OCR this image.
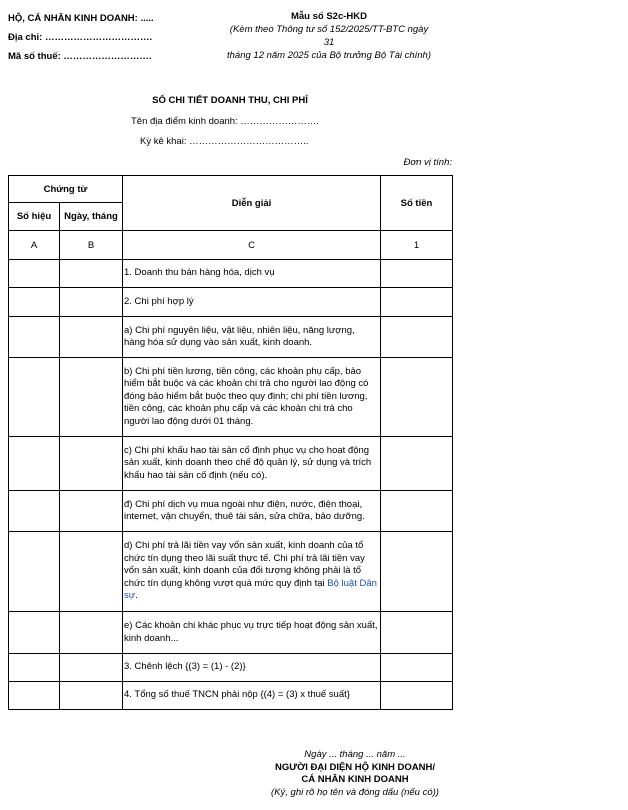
HỘ, CÁ NHÂN KINH DOANH: .....
Địa chỉ: …………………………….
Mã số thuế: ……………………….
Mẫu số S2c-HKD
(Kèm theo Thông tư số 152/2025/TT-BTC ngày 31
tháng 12 năm 2025 của Bộ trưởng Bộ Tài chính)
SỔ CHI TIẾT DOANH THU, CHI PHÍ
Tên địa điểm kinh doanh: …………………….
Kỳ kê khai: ………………………………..
Đơn vị tính:
Chứng từ		Diễn giải	Số tiền
Số hiệu	Ngày, tháng		
A	B	C	1
		1. Doanh thu bán hàng hóa, dịch vụ	
		2. Chi phí hợp lý	
		a) Chi phí nguyên liệu, vật liệu, nhiên liệu, năng lượng, hàng hóa sử dụng vào sản xuất, kinh doanh.	
		b) Chi phí tiền lương, tiền công, các khoản phụ cấp, bảo hiểm bắt buộc và các khoản chi trả cho người lao động có đóng bảo hiểm bắt buộc theo quy định; chi phí tiền lương, tiền công, các khoản phụ cấp và các khoản chi trả cho người lao động dưới 01 tháng.	
		c) Chi phí khấu hao tài sản cố định phục vụ cho hoạt động sản xuất, kinh doanh theo chế độ quản lý, sử dụng và trích khấu hao tài sản cố định (nếu có).	
		đ) Chi phí dịch vụ mua ngoài như điện, nước, điện thoại, internet, vận chuyển, thuê tài sản, sửa chữa, bảo dưỡng.	
		d) Chi phí trả lãi tiền vay vốn sản xuất, kinh doanh của tổ chức tín dụng theo lãi suất thực tế. Chi phí trả lãi tiền vay vốn sản xuất, kinh doanh của đối tượng không phải là tổ chức tín dụng không vượt quá mức quy định tại Bộ luật Dân sự.	
		e) Các khoản chi khác phục vụ trực tiếp hoạt động sản xuất, kinh doanh...	
		3. Chênh lệch {(3) = (1) - (2)}	
		4. Tổng số thuế TNCN phải nộp {(4) = (3) x thuế suất}	
Ngày ... tháng ... năm ...
NGƯỜI ĐẠI DIỆN HỘ KINH DOANH/
CÁ NHÂN KINH DOANH
(Ký, ghi rõ họ tên và đóng dấu (nếu có))
